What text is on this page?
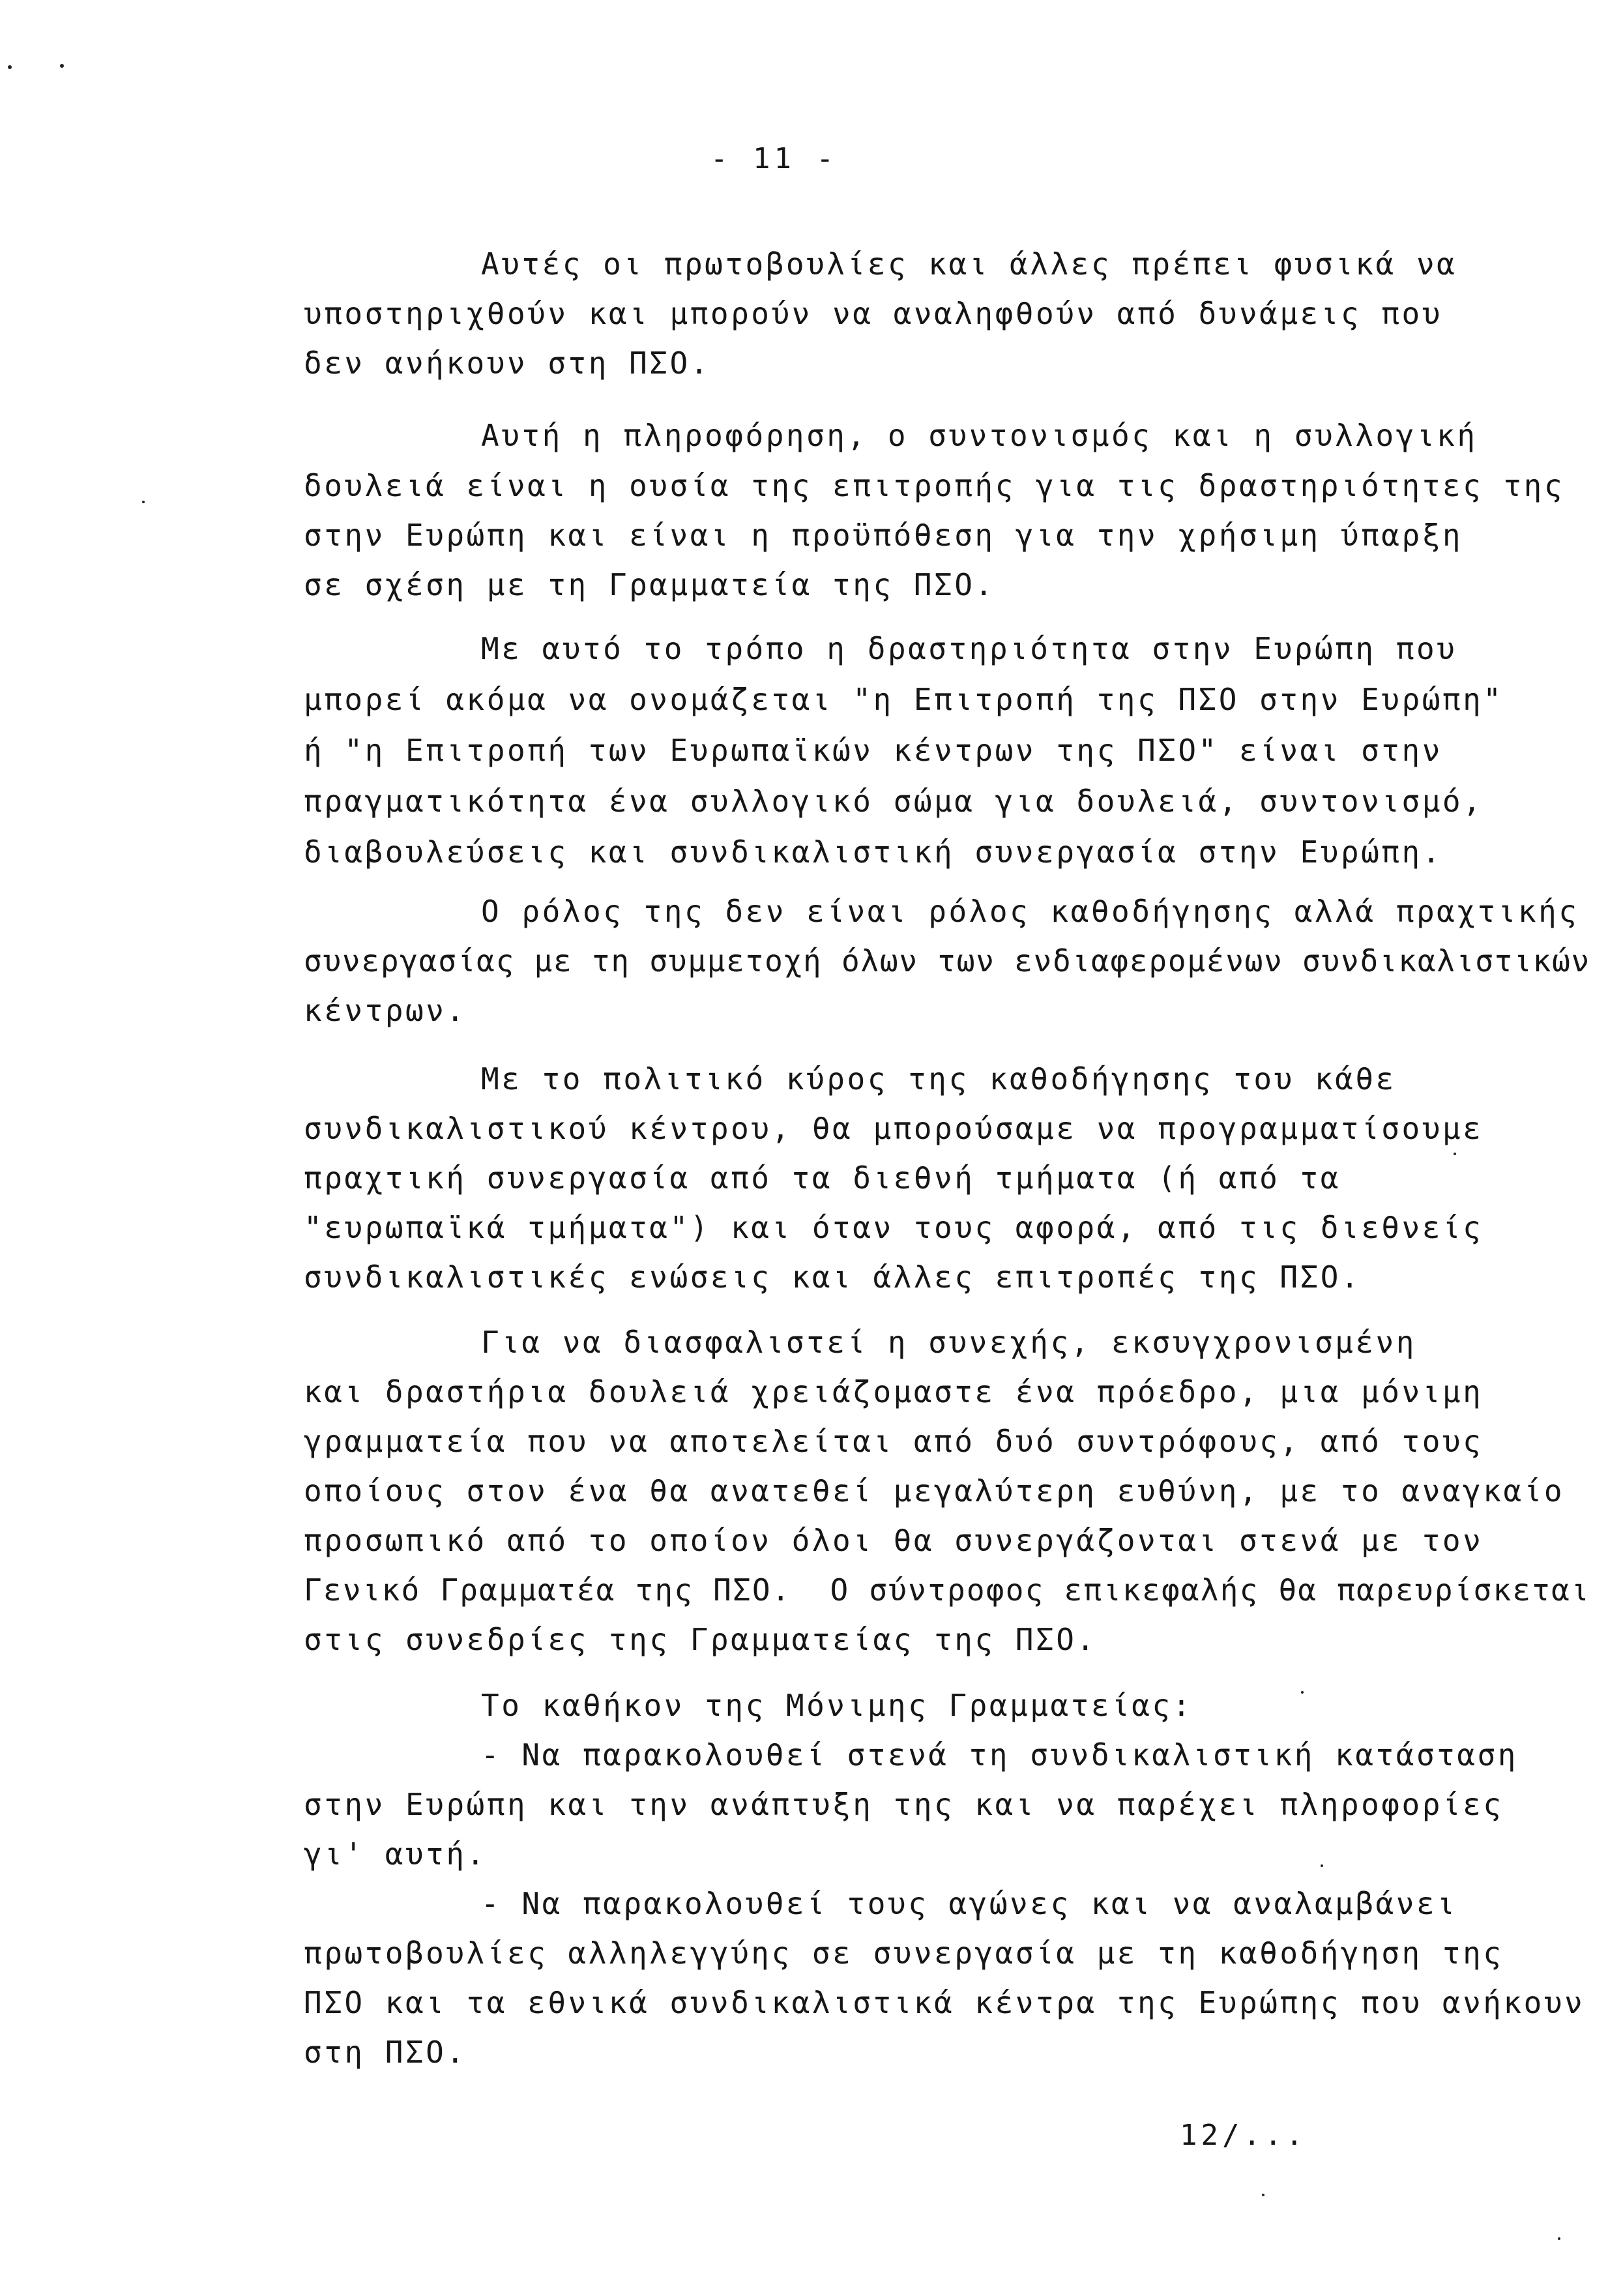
- 11 -
Αυτές οι πρωτοβουλίες και άλλες πρέπει φυσικά να
υποστηριχθούν και μπορούν να αναληφθούν από δυνάμεις που
δεν ανήκουν στη ΠΣΟ.
Αυτή η πληροφόρηση, ο συντονισμός και η συλλογική
δουλειά είναι η ουσία της επιτροπής για τις δραστηριότητες της
στην Ευρώπη και είναι η προϋπόθεση για την χρήσιμη ύπαρξη
σε σχέση με τη Γραμματεία της ΠΣΟ.
Με αυτό το τρόπο η δραστηριότητα στην Ευρώπη που
μπορεί ακόμα να ονομάζεται "η Επιτροπή της ΠΣΟ στην Ευρώπη"
ή "η Επιτροπή των Ευρωπαϊκών κέντρων της ΠΣΟ" είναι στην
πραγματικότητα ένα συλλογικό σώμα για δουλειά, συντονισμό,
διαβουλεύσεις και συνδικαλιστική συνεργασία στην Ευρώπη.
Ο ρόλος της δεν είναι ρόλος καθοδήγησης αλλά πραχτικής
συνεργασίας με τη συμμετοχή όλων των ενδιαφερομένων συνδικαλιστικών
κέντρων.
Με το πολιτικό κύρος της καθοδήγησης του κάθε
συνδικαλιστικού κέντρου, θα μπορούσαμε να προγραμματίσουμε
πραχτική συνεργασία από τα διεθνή τμήματα (ή από τα
"ευρωπαϊκά τμήματα") και όταν τους αφορά, από τις διεθνείς
συνδικαλιστικές ενώσεις και άλλες επιτροπές της ΠΣΟ.
Για να διασφαλιστεί η συνεχής, εκσυγχρονισμένη
και δραστήρια δουλειά χρειάζομαστε ένα πρόεδρο, μια μόνιμη
γραμματεία που να αποτελείται από δυό συντρόφους, από τους
οποίους στον ένα θα ανατεθεί μεγαλύτερη ευθύνη, με το αναγκαίο
προσωπικό από το οποίον όλοι θα συνεργάζονται στενά με τον
Γενικό Γραμματέα της ΠΣΟ.  Ο σύντροφος επικεφαλής θα παρευρίσκεται
στις συνεδρίες της Γραμματείας της ΠΣΟ.
Το καθήκον της Μόνιμης Γραμματείας:
- Να παρακολουθεί στενά τη συνδικαλιστική κατάσταση
στην Ευρώπη και την ανάπτυξη της και να παρέχει πληροφορίες
γι' αυτή.
- Να παρακολουθεί τους αγώνες και να αναλαμβάνει
πρωτοβουλίες αλληλεγγύης σε συνεργασία με τη καθοδήγηση της
ΠΣΟ και τα εθνικά συνδικαλιστικά κέντρα της Ευρώπης που ανήκουν
στη ΠΣΟ.
12/...
